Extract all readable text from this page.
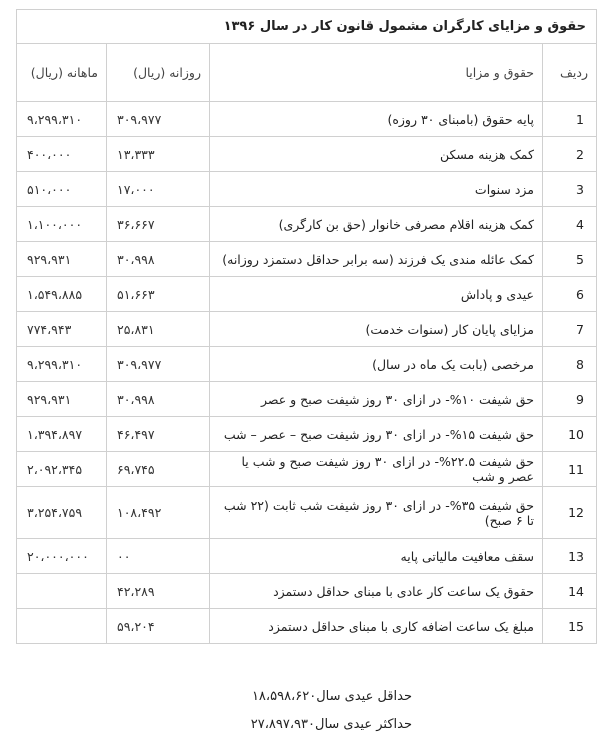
حقوق و مزایای کارگران مشمول قانون کار در سال ۱۳۹۶			
ردیف	حقوق و مزایا	روزانه (ریال)	ماهانه (ریال)
1	پایه حقوق (بامبنای ۳۰ روزه)	۳۰۹،۹۷۷	۹،۲۹۹،۳۱۰
2	کمک هزینه مسکن	۱۳،۳۳۳	۴۰۰،۰۰۰
3	مزد سنوات	۱۷،۰۰۰	۵۱۰،۰۰۰
4	کمک هزینه اقلام مصرفی خانوار (حق بن کارگری)	۳۶،۶۶۷	۱،۱۰۰،۰۰۰
5	کمک عائله مندی یک فرزند (سه برابر حداقل دستمزد روزانه)	۳۰،۹۹۸	۹۲۹،۹۳۱
6	عیدی و پاداش	۵۱،۶۶۳	۱،۵۴۹،۸۸۵
7	مزایای پایان کار (سنوات خدمت)	۲۵،۸۳۱	۷۷۴،۹۴۳
8	مرخصی (بابت یک ماه در سال)	۳۰۹،۹۷۷	۹،۲۹۹،۳۱۰
9	حق شیفت ۱۰%- در ازای ۳۰ روز شیفت صبح و عصر	۳۰،۹۹۸	۹۲۹،۹۳۱
10	حق شیفت ۱۵%- در ازای ۳۰ روز شیفت صبح – عصر – شب	۴۶،۴۹۷	۱،۳۹۴،۸۹۷
11	حق شیفت ۲۲.۵%- در ازای ۳۰ روز شیفت صبح و شب یا عصر و شب	۶۹،۷۴۵	۲،۰۹۲،۳۴۵
12	حق شیفت ۳۵%- در ازای ۳۰ روز شیفت شب ثابت (۲۲ شب تا ۶ صبح)	۱۰۸،۴۹۲	۳،۲۵۴،۷۵۹
13	سقف معافیت مالیاتی پایه	۰۰	۲۰،۰۰۰،۰۰۰
14	حقوق یک ساعت کار عادی با مبنای حداقل دستمزد	۴۲،۲۸۹	
15	مبلغ یک ساعت اضافه کاری با مبنای حداقل دستمزد	۵۹،۲۰۴	
حداقل عیدی سال۱۸،۵۹۸،۶۲۰
حداکثر عیدی سال۲۷،۸۹۷،۹۳۰
